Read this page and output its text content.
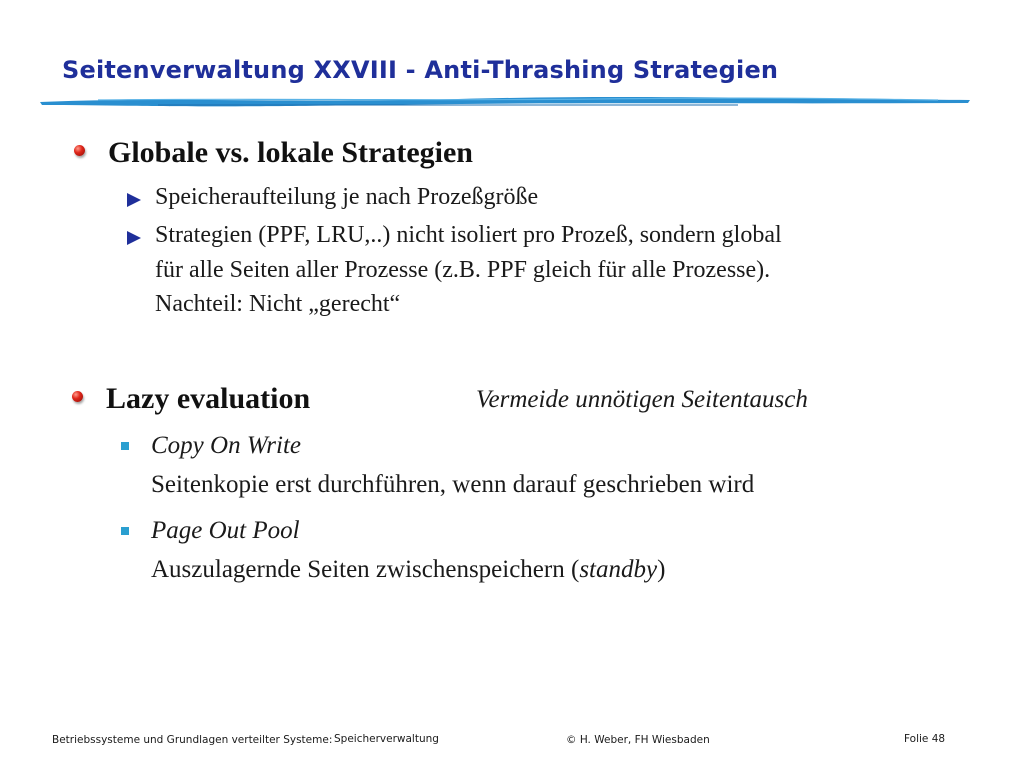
Seitenverwaltung XXVIII - Anti-Thrashing Strategien
Globale vs. lokale Strategien
Speicheraufteilung je nach Prozeßgröße
Strategien (PPF, LRU,..) nicht isoliert pro Prozeß, sondern global
für alle Seiten aller Prozesse (z.B. PPF gleich für alle Prozesse).
Nachteil: Nicht „gerecht“
Lazy evaluation	Vermeide unnötigen Seitentausch
Copy On Write
Seitenkopie erst durchführen, wenn darauf geschrieben wird
Page Out Pool
Auszulagernde Seiten zwischenspeichern (standby)
Betriebssysteme und Grundlagen verteilter Systeme: Speicherverwaltung	© H. Weber, FH Wiesbaden	Folie 48
